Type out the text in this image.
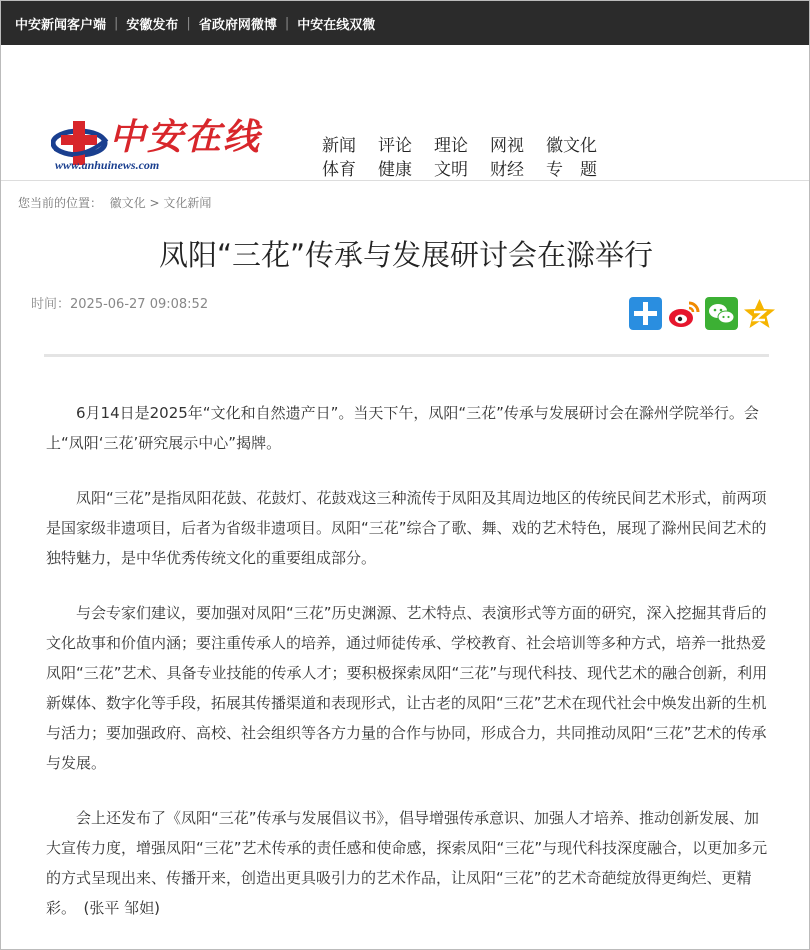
中安新闻客户端 | 安徽发布 | 省政府网微博 | 中安在线双微
中安在线
www.anhuinews.com
新闻 评论 理论 网视 徽文化
体育 健康 文明 财经 专　题
您当前的位置： 徽文化 > 文化新闻
凤阳“三花”传承与发展研讨会在滁举行
时间：2025-06-27 09:08:52

6月14日是2025年“文化和自然遗产日”。当天下午，凤阳“三花”传承与发展研讨会在滁州学院举行。会上“凤阳‘三花’研究展示中心”揭牌。

凤阳“三花”是指凤阳花鼓、花鼓灯、花鼓戏这三种流传于凤阳及其周边地区的传统民间艺术形式，前两项是国家级非遗项目，后者为省级非遗项目。凤阳“三花”综合了歌、舞、戏的艺术特色，展现了滁州民间艺术的独特魅力，是中华优秀传统文化的重要组成部分。

与会专家们建议，要加强对凤阳“三花”历史渊源、艺术特点、表演形式等方面的研究，深入挖掘其背后的文化故事和价值内涵；要注重传承人的培养，通过师徒传承、学校教育、社会培训等多种方式，培养一批热爱凤阳“三花”艺术、具备专业技能的传承人才；要积极探索凤阳“三花”与现代科技、现代艺术的融合创新，利用新媒体、数字化等手段，拓展其传播渠道和表现形式，让古老的凤阳“三花”艺术在现代社会中焕发出新的生机与活力；要加强政府、高校、社会组织等各方力量的合作与协同，形成合力，共同推动凤阳“三花”艺术的传承与发展。

会上还发布了《凤阳“三花”传承与发展倡议书》，倡导增强传承意识、加强人才培养、推动创新发展、加大宣传力度，增强凤阳“三花”艺术传承的责任感和使命感，探索凤阳“三花”与现代科技深度融合，以更加多元的方式呈现出来、传播开来，创造出更具吸引力的艺术作品，让凤阳“三花”的艺术奇葩绽放得更绚烂、更精彩。　(张平 邹妲)
